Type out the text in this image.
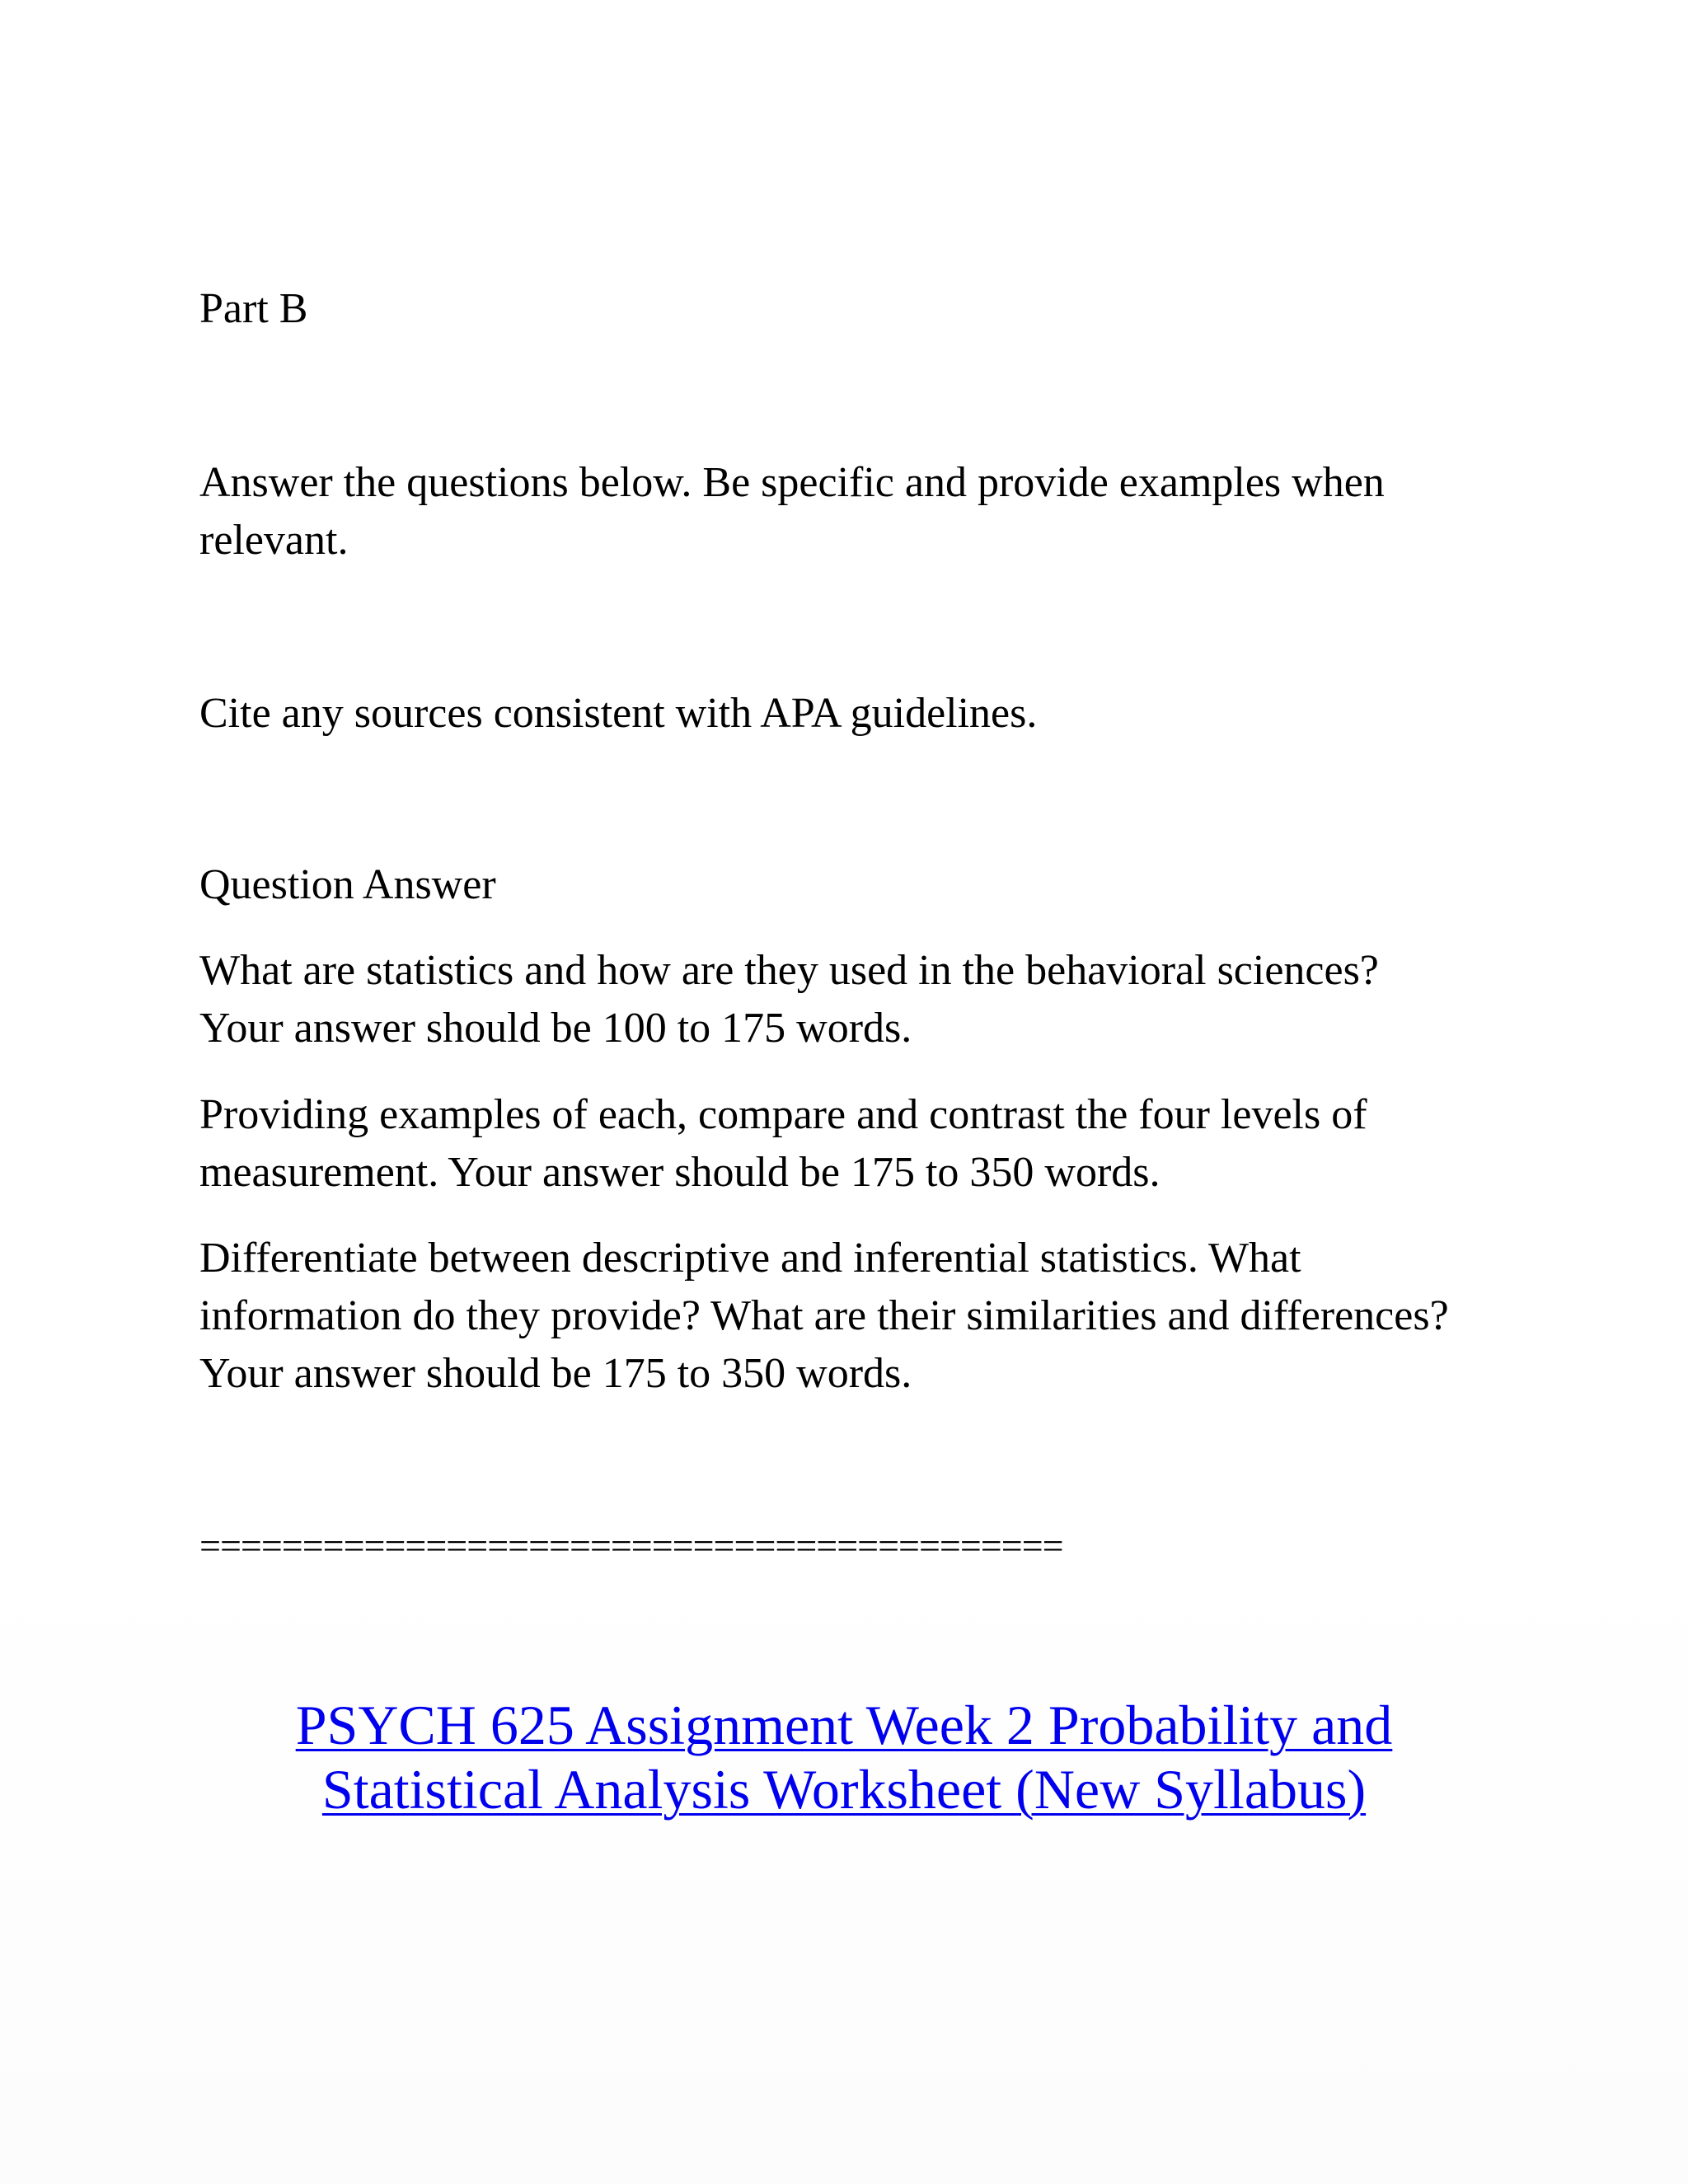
Part B
Answer the questions below. Be specific and provide examples when
relevant.
Cite any sources consistent with APA guidelines.
Question Answer
What are statistics and how are they used in the behavioral sciences?
Your answer should be 100 to 175 words.
Providing examples of each, compare and contrast the four levels of
measurement. Your answer should be 175 to 350 words.
Differentiate between descriptive and inferential statistics. What
information do they provide? What are their similarities and differences?
Your answer should be 175 to 350 words.
==========================================
PSYCH 625 Assignment Week 2 Probability and
Statistical Analysis Worksheet (New Syllabus)
